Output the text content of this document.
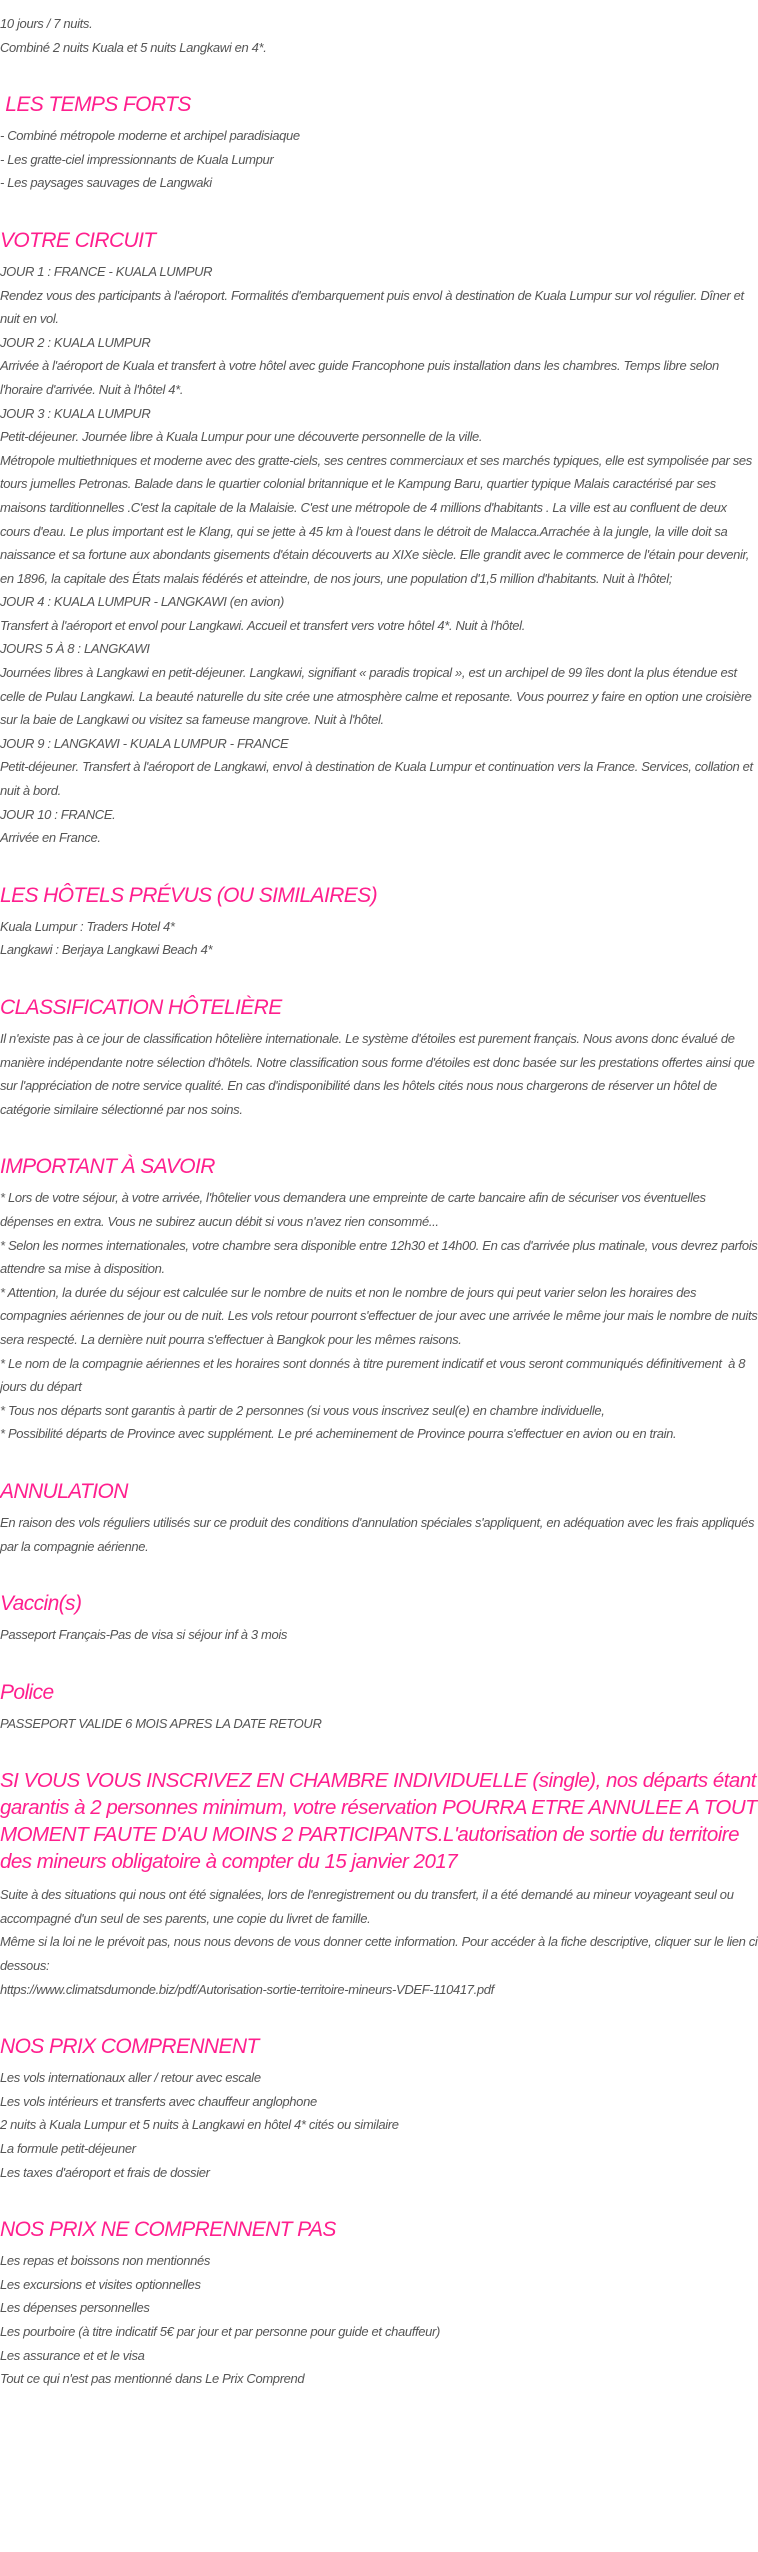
10 jours / 7 nuits.
Combiné 2 nuits Kuala et 5 nuits Langkawi en 4*.
LES TEMPS FORTS
- Combiné métropole moderne et archipel paradisiaque
- Les gratte-ciel impressionnants de Kuala Lumpur
- Les paysages sauvages de Langwaki
VOTRE CIRCUIT
JOUR 1 : FRANCE - KUALA LUMPUR
Rendez vous des participants à l'aéroport. Formalités d'embarquement puis envol à destination de Kuala Lumpur sur vol régulier. Dîner et nuit en vol.
JOUR 2 : KUALA LUMPUR
Arrivée à l'aéroport de Kuala et transfert à votre hôtel avec guide Francophone puis installation dans les chambres. Temps libre selon l'horaire d'arrivée. Nuit à l'hôtel 4*.
JOUR 3 : KUALA LUMPUR
Petit-déjeuner. Journée libre à Kuala Lumpur pour une découverte personnelle de la ville.
Métropole multiethniques et moderne avec des gratte-ciels, ses centres commerciaux et ses marchés typiques, elle est sympolisée par ses tours jumelles Petronas. Balade dans le quartier colonial britannique et le Kampung Baru, quartier typique Malais caractérisé par ses maisons tarditionnelles .C'est la capitale de la Malaisie. C'est une métropole de 4 millions d'habitants . La ville est au confluent de deux cours d'eau. Le plus important est le Klang, qui se jette à 45 km à l'ouest dans le détroit de Malacca.Arrachée à la jungle, la ville doit sa naissance et sa fortune aux abondants gisements d'étain découverts au XIXe siècle. Elle grandit avec le commerce de l'étain pour devenir, en 1896, la capitale des États malais fédérés et atteindre, de nos jours, une population d'1,5 million d'habitants. Nuit à l'hôtel;
JOUR 4 : KUALA LUMPUR - LANGKAWI (en avion)
Transfert à l'aéroport et envol pour Langkawi. Accueil et transfert vers votre hôtel 4*. Nuit à l'hôtel.
JOURS 5 À 8 : LANGKAWI
Journées libres à Langkawi en petit-déjeuner. Langkawi, signifiant « paradis tropical », est un archipel de 99 îles dont la plus étendue est celle de Pulau Langkawi. La beauté naturelle du site crée une atmosphère calme et reposante. Vous pourrez y faire en option une croisière sur la baie de Langkawi ou visitez sa fameuse mangrove. Nuit à l'hôtel.
JOUR 9 : LANGKAWI - KUALA LUMPUR - FRANCE
Petit-déjeuner. Transfert à l'aéroport de Langkawi, envol à destination de Kuala Lumpur et continuation vers la France. Services, collation et nuit à bord.
JOUR 10 : FRANCE.
Arrivée en France.
LES HÔTELS PRÉVUS (OU SIMILAIRES)
Kuala Lumpur : Traders Hotel 4*
Langkawi : Berjaya Langkawi Beach 4*
CLASSIFICATION HÔTELIÈRE
Il n'existe pas à ce jour de classification hôtelière internationale. Le système d'étoiles est purement français. Nous avons donc évalué de manière indépendante notre sélection d'hôtels. Notre classification sous forme d'étoiles est donc basée sur les prestations offertes ainsi que sur l'appréciation de notre service qualité. En cas d'indisponibilité dans les hôtels cités nous nous chargerons de réserver un hôtel de catégorie similaire sélectionné par nos soins.
IMPORTANT À SAVOIR
* Lors de votre séjour, à votre arrivée, l'hôtelier vous demandera une empreinte de carte bancaire afin de sécuriser vos éventuelles dépenses en extra. Vous ne subirez aucun débit si vous n'avez rien consommé...
* Selon les normes internationales, votre chambre sera disponible entre 12h30 et 14h00. En cas d'arrivée plus matinale, vous devrez parfois attendre sa mise à disposition.
* Attention, la durée du séjour est calculée sur le nombre de nuits et non le nombre de jours qui peut varier selon les horaires des compagnies aériennes de jour ou de nuit. Les vols retour pourront s'effectuer de jour avec une arrivée le même jour mais le nombre de nuits sera respecté. La dernière nuit pourra s'effectuer à Bangkok pour les mêmes raisons.
* Le nom de la compagnie aériennes et les horaires sont donnés à titre purement indicatif et vous seront communiqués définitivement  à 8 jours du départ
* Tous nos départs sont garantis à partir de 2 personnes (si vous vous inscrivez seul(e) en chambre individuelle,
* Possibilité départs de Province avec supplément. Le pré acheminement de Province pourra s'effectuer en avion ou en train.
ANNULATION
En raison des vols réguliers utilisés sur ce produit des conditions d'annulation spéciales s'appliquent, en adéquation avec les frais appliqués par la compagnie aérienne.
Vaccin(s)
Passeport Français-Pas de visa si séjour inf à 3 mois
Police
PASSEPORT VALIDE 6 MOIS APRES LA DATE RETOUR
SI VOUS VOUS INSCRIVEZ EN CHAMBRE INDIVIDUELLE (single), nos départs étant garantis à 2 personnes minimum, votre réservation POURRA ETRE ANNULEE A TOUT MOMENT FAUTE D'AU MOINS 2 PARTICIPANTS.L'autorisation de sortie du territoire des mineurs obligatoire à compter du 15 janvier 2017
Suite à des situations qui nous ont été signalées, lors de l'enregistrement ou du transfert, il a été demandé au mineur voyageant seul ou accompagné d'un seul de ses parents, une copie du livret de famille.
Même si la loi ne le prévoit pas, nous nous devons de vous donner cette information. Pour accéder à la fiche descriptive, cliquer sur le lien ci dessous:
https://www.climatsdumonde.biz/pdf/Autorisation-sortie-territoire-mineurs-VDEF-110417.pdf
NOS PRIX COMPRENNENT
Les vols internationaux aller / retour avec escale
Les vols intérieurs et transferts avec chauffeur anglophone
2 nuits à Kuala Lumpur et 5 nuits à Langkawi en hôtel 4* cités ou similaire
La formule petit-déjeuner
Les taxes d'aéroport et frais de dossier
NOS PRIX NE COMPRENNENT PAS
Les repas et boissons non mentionnés
Les excursions et visites optionnelles
Les dépenses personnelles
Les pourboire (à titre indicatif 5€ par jour et par personne pour guide et chauffeur)
Les assurance et et le visa
Tout ce qui n'est pas mentionné dans Le Prix Comprend
